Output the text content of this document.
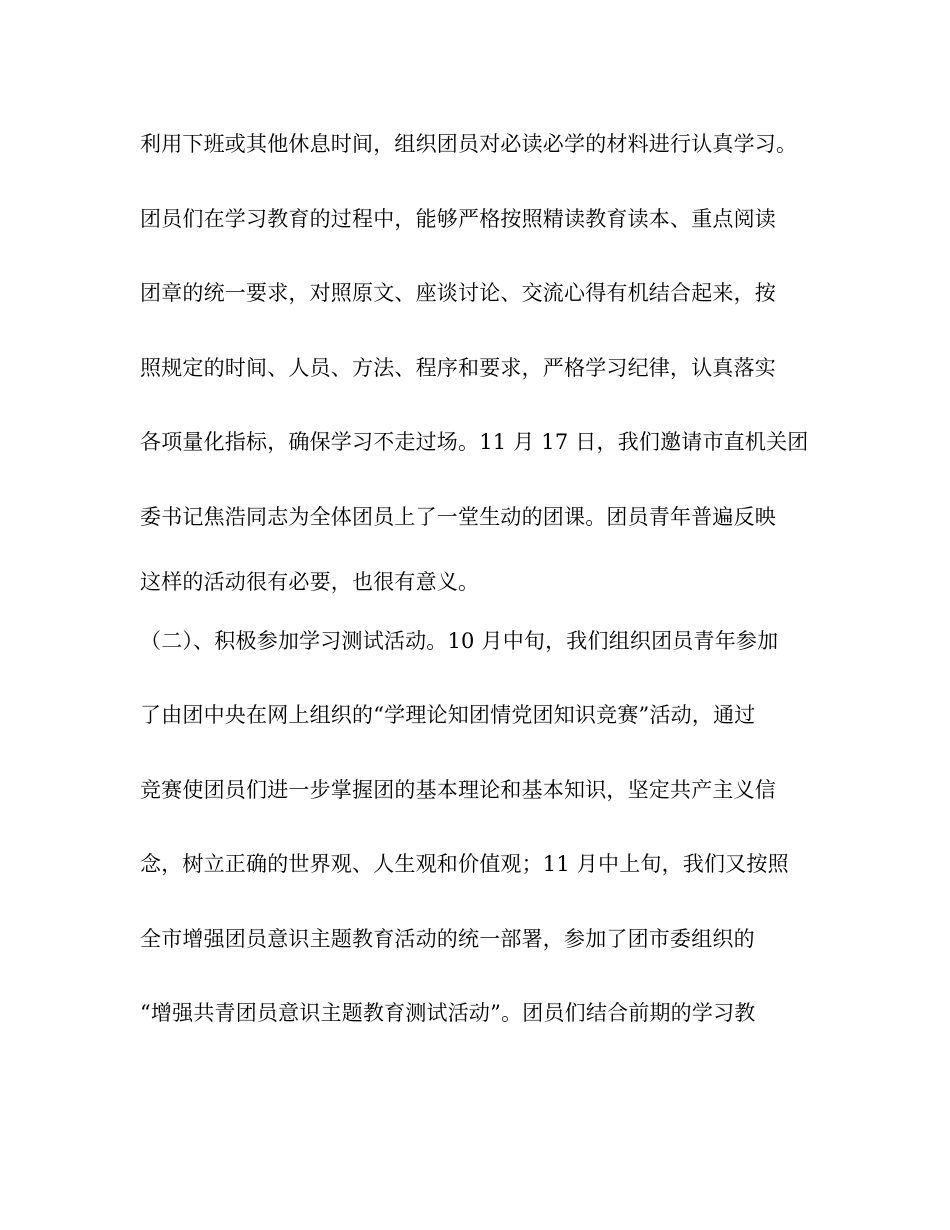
利用下班或其他休息时间，组织团员对必读必学的材料进行认真学习。
团员们在学习教育的过程中，能够严格按照精读教育读本、重点阅读
团章的统一要求，对照原文、座谈讨论、交流心得有机结合起来，按
照规定的时间、人员、方法、程序和要求，严格学习纪律，认真落实
各项量化指标，确保学习不走过场。11 月 17 日，我们邀请市直机关团
委书记焦浩同志为全体团员上了一堂生动的团课。团员青年普遍反映
这样的活动很有必要，也很有意义。
（二）、积极参加学习测试活动。10 月中旬，我们组织团员青年参加
了由团中央在网上组织的“学理论知团情党团知识竞赛”活动，通过
竞赛使团员们进一步掌握团的基本理论和基本知识，坚定共产主义信
念，树立正确的世界观、人生观和价值观；11 月中上旬，我们又按照
全市增强团员意识主题教育活动的统一部署，参加了团市委组织的
“增强共青团员意识主题教育测试活动”。团员们结合前期的学习教
